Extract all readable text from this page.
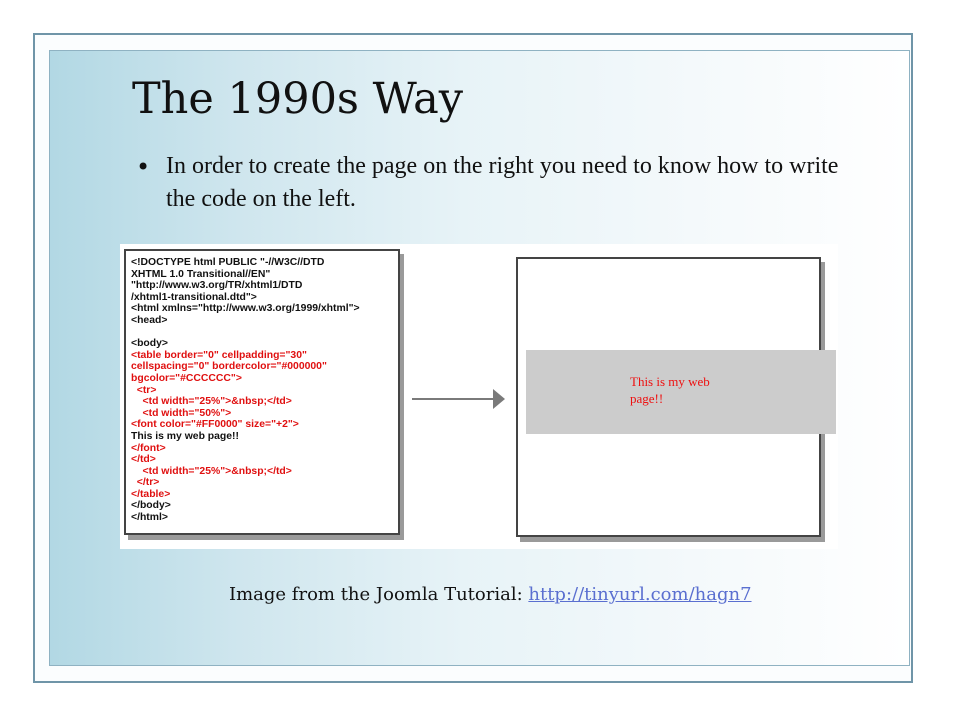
The 1990s Way
• In order to create the page on the right you need to know how to write the code on the left.
<!DOCTYPE html PUBLIC "-//W3C//DTD
XHTML 1.0 Transitional//EN"
"http://www.w3.org/TR/xhtml1/DTD
/xhtml1-transitional.dtd">
<html xmlns="http://www.w3.org/1999/xhtml">
<head>

<body>
<table border="0" cellpadding="30"
cellspacing="0" bordercolor="#000000"
bgcolor="#CCCCCC">
<tr>
<td width="25%">&nbsp;</td>
<td width="50%">
<font color="#FF0000" size="+2">
This is my web page!!
</font>
</td>
<td width="25%">&nbsp;</td>
</tr>
</table>
</body>
</html>
This is my web
page!!
Image from the Joomla Tutorial: http://tinyurl.com/hagn7
